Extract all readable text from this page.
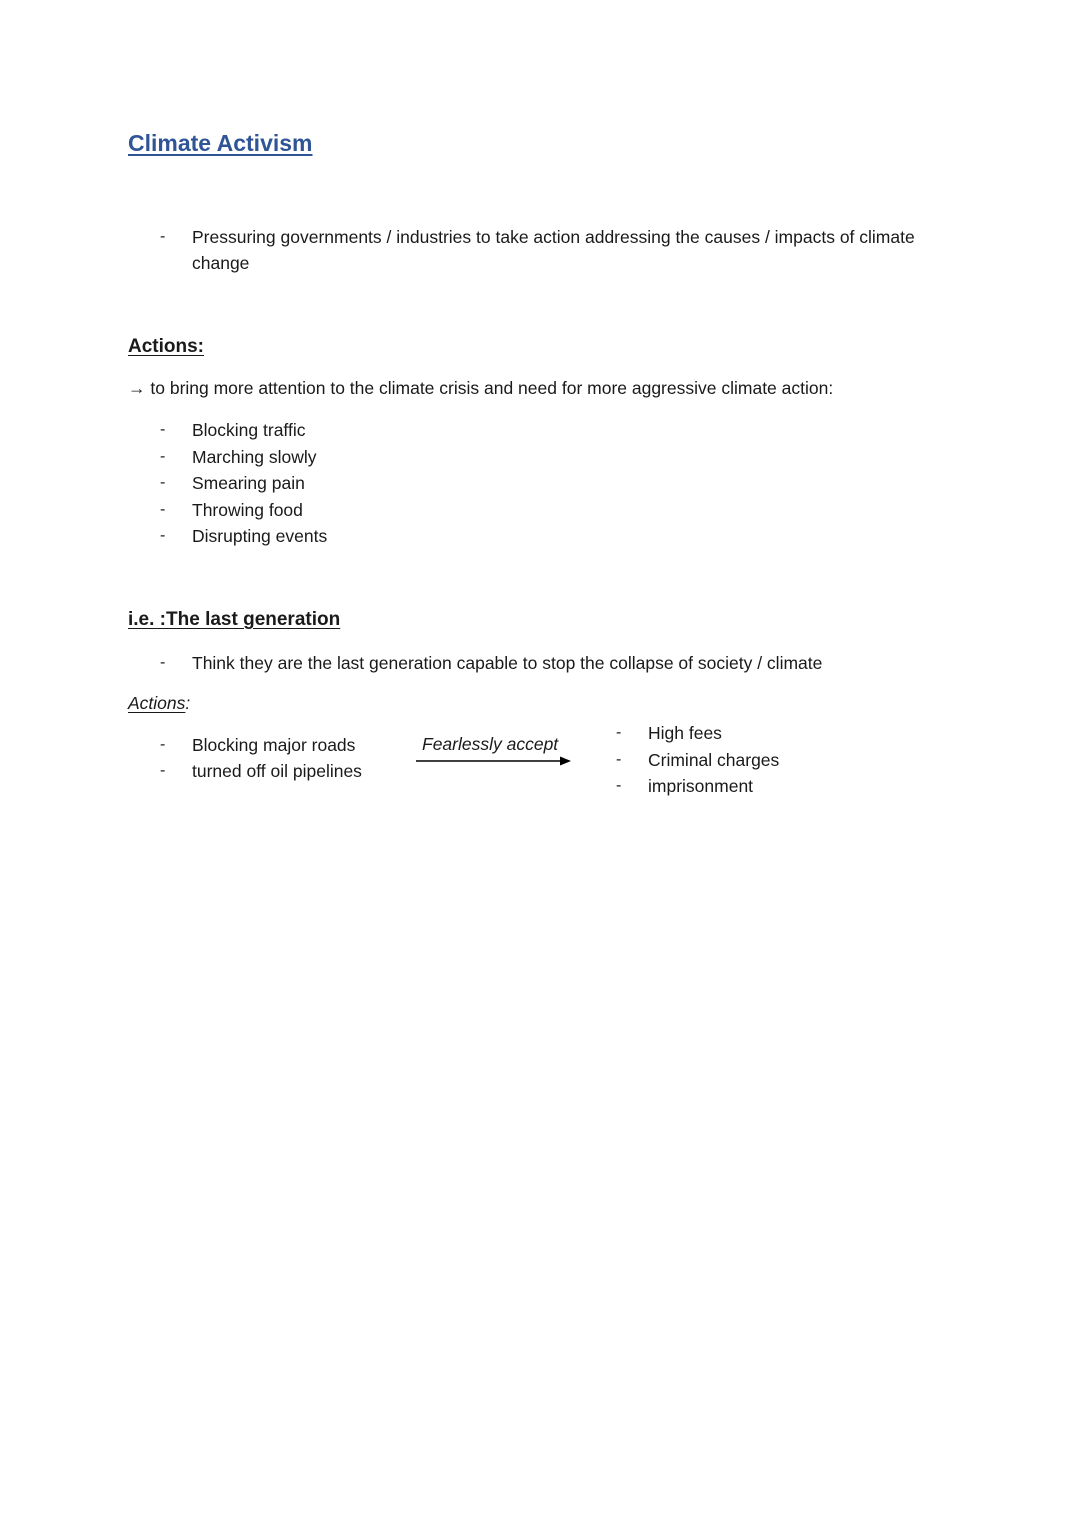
Climate Activism
-	Pressuring governments / industries to take action addressing the causes / impacts of climate
change
Actions:
→ to bring more attention to the climate crisis and need for more aggressive climate action:
-	Blocking traffic
-	Marching slowly
-	Smearing pain
-	Throwing food
-	Disrupting events
i.e. :The last generation
-	Think they are the last generation capable to stop the collapse of society / climate
Actions:
-	Blocking major roads
-	turned off oil pipelines
Fearlessly accept
-	High fees
-	Criminal charges
-	imprisonment
